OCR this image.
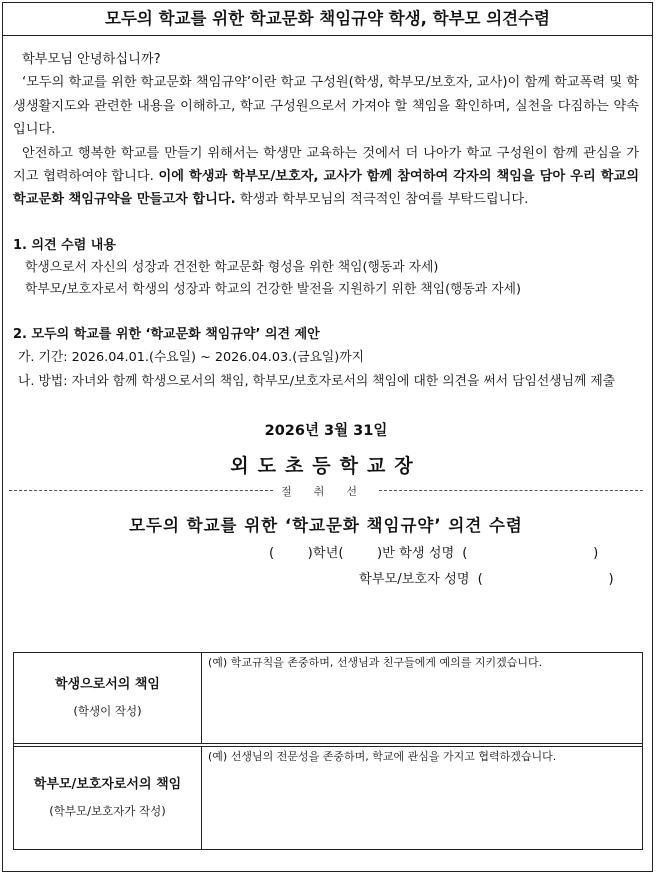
모두의 학교를 위한 학교문화 책임규약 학생, 학부모 의견수렴

학부모님 안녕하십니까?

‘모두의 학교를 위한 학교문화 책임규약’이란 학교 구성원(학생, 학부모/보호자, 교사)이 함께 학교폭력 및 학생생활지도와 관련한 내용을 이해하고, 학교 구성원으로서 가져야 할 책임을 확인하며, 실천을 다짐하는 약속입니다.

안전하고 행복한 학교를 만들기 위해서는 학생만 교육하는 것에서 더 나아가 학교 구성원이 함께 관심을 가지고 협력하여야 합니다. 이에 학생과 학부모/보호자, 교사가 함께 참여하여 각자의 책임을 담아 우리 학교의 학교문화 책임규약을 만들고자 합니다. 학생과 학부모님의 적극적인 참여를 부탁드립니다.

1. 의견 수렴 내용
학생으로서 자신의 성장과 건전한 학교문화 형성을 위한 책임(행동과 자세)
학부모/보호자로서 학생의 성장과 학교의 건강한 발전을 지원하기 위한 책임(행동과 자세)
2. 모두의 학교를 위한 ‘학교문화 책임규약’ 의견 제안
가. 기간: 2026.04.01.(수요일) ~ 2026.04.03.(금요일)까지
나. 방법: 자녀와 함께 학생으로서의 책임, 학부모/보호자로서의 책임에 대한 의견을 써서 담임선생님께 제출
2026년 3월 31일
외도초등학교장
절취선
모두의 학교를 위한 ‘학교문화 책임규약’ 의견 수렴
(        ) 학년 (        ) 반 학생 성명 (                              )
학부모/보호자 성명 (                              )
학생으로서의 책임
(학생이 작성)	(예) 학교규칙을 존중하며, 선생님과 친구들에게 예의를 지키겠습니다.

학부모/보호자로서의 책임
(학부모/보호자가 작성)	(예) 선생님의 전문성을 존중하며, 학교에 관심을 가지고 협력하겠습니다.
